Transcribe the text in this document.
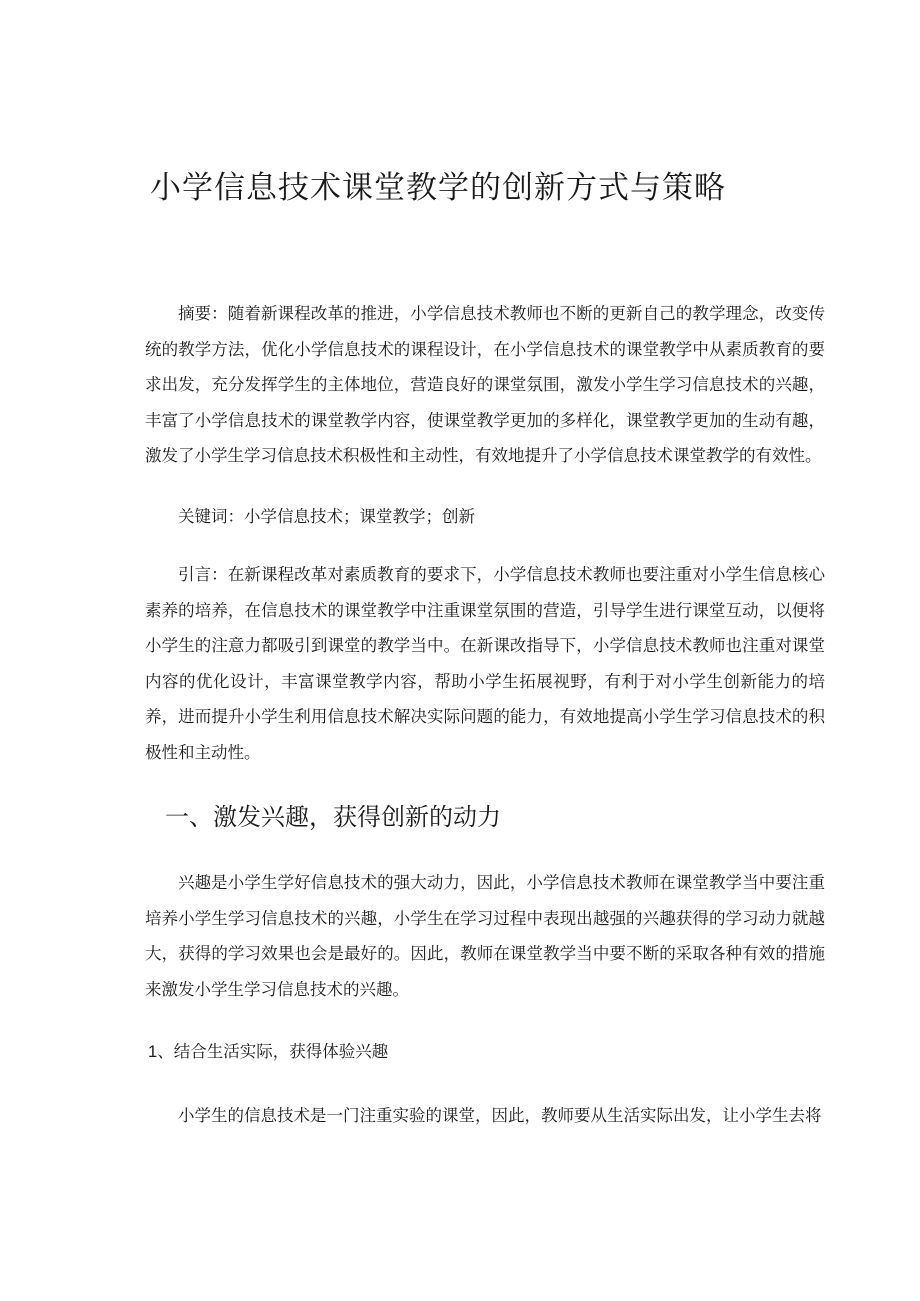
小学信息技术课堂教学的创新方式与策略

摘要：随着新课程改革的推进，小学信息技术教师也不断的更新自己的教学理念，改变传统的教学方法，优化小学信息技术的课程设计，在小学信息技术的课堂教学中从素质教育的要求出发，充分发挥学生的主体地位，营造良好的课堂氛围，激发小学生学习信息技术的兴趣，丰富了小学信息技术的课堂教学内容，使课堂教学更加的多样化，课堂教学更加的生动有趣，激发了小学生学习信息技术积极性和主动性，有效地提升了小学信息技术课堂教学的有效性。

关键词：小学信息技术；课堂教学；创新

引言：在新课程改革对素质教育的要求下，小学信息技术教师也要注重对小学生信息核心素养的培养，在信息技术的课堂教学中注重课堂氛围的营造，引导学生进行课堂互动，以便将小学生的注意力都吸引到课堂的教学当中。在新课改指导下，小学信息技术教师也注重对课堂内容的优化设计，丰富课堂教学内容，帮助小学生拓展视野，有利于对小学生创新能力的培养，进而提升小学生利用信息技术解决实际问题的能力，有效地提高小学生学习信息技术的积极性和主动性。

一、激发兴趣，获得创新的动力

兴趣是小学生学好信息技术的强大动力，因此，小学信息技术教师在课堂教学当中要注重培养小学生学习信息技术的兴趣，小学生在学习过程中表现出越强的兴趣获得的学习动力就越大，获得的学习效果也会是最好的。因此，教师在课堂教学当中要不断的采取各种有效的措施来激发小学生学习信息技术的兴趣。

1、结合生活实际，获得体验兴趣

小学生的信息技术是一门注重实验的课堂，因此，教师要从生活实际出发，让小学生去将
